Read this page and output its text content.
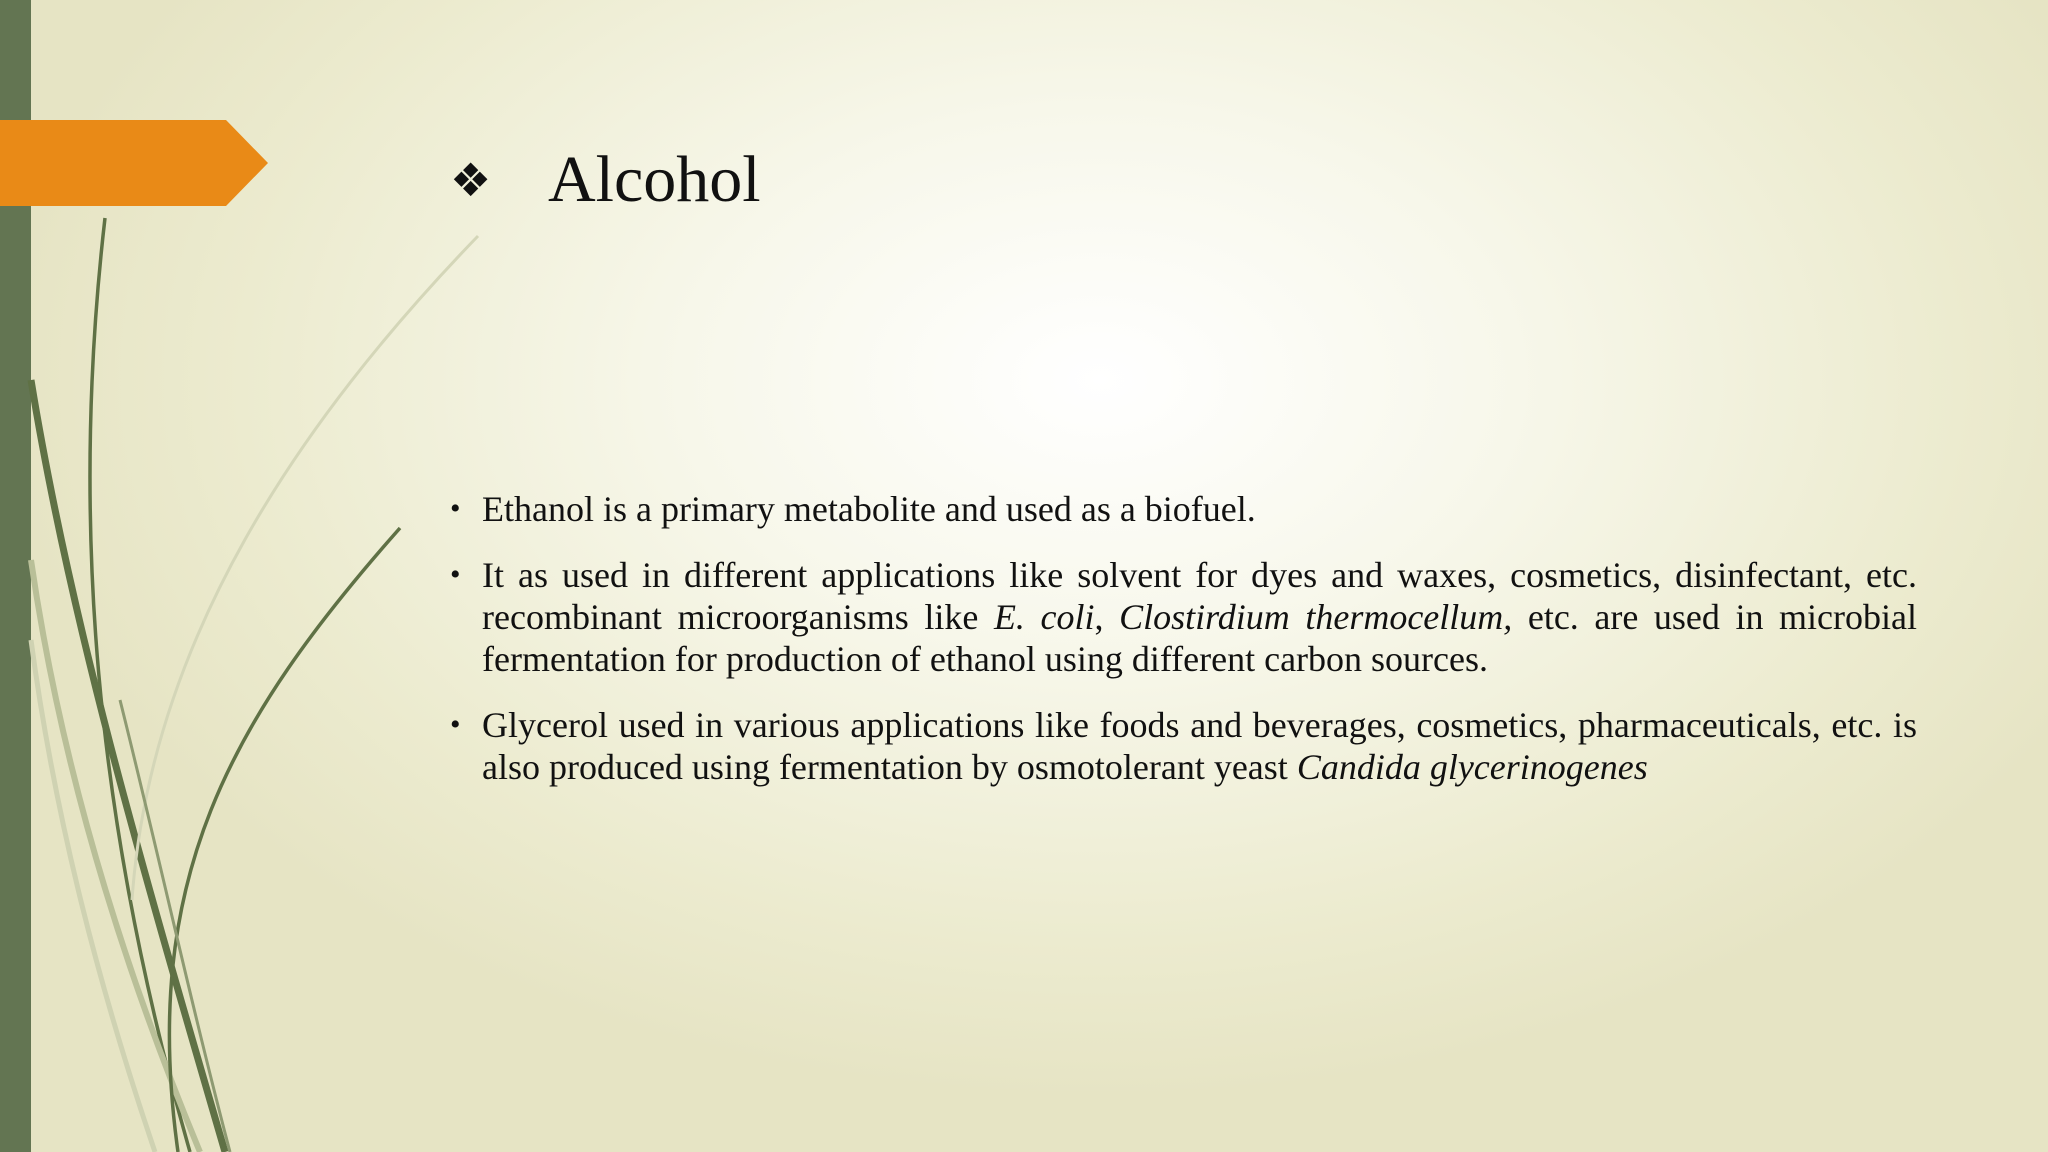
❖ Alcohol
• Ethanol is a primary metabolite and used as a biofuel.
• It as used in different applications like solvent for dyes and waxes, cosmetics, disinfectant, etc. recombinant microorganisms like E. coli, Clostirdium thermocellum, etc. are used in microbial fermentation for production of ethanol using different carbon sources.
• Glycerol used in various applications like foods and beverages, cosmetics, pharmaceuticals, etc. is also produced using fermentation by osmotolerant yeast Candida glycerinogenes
